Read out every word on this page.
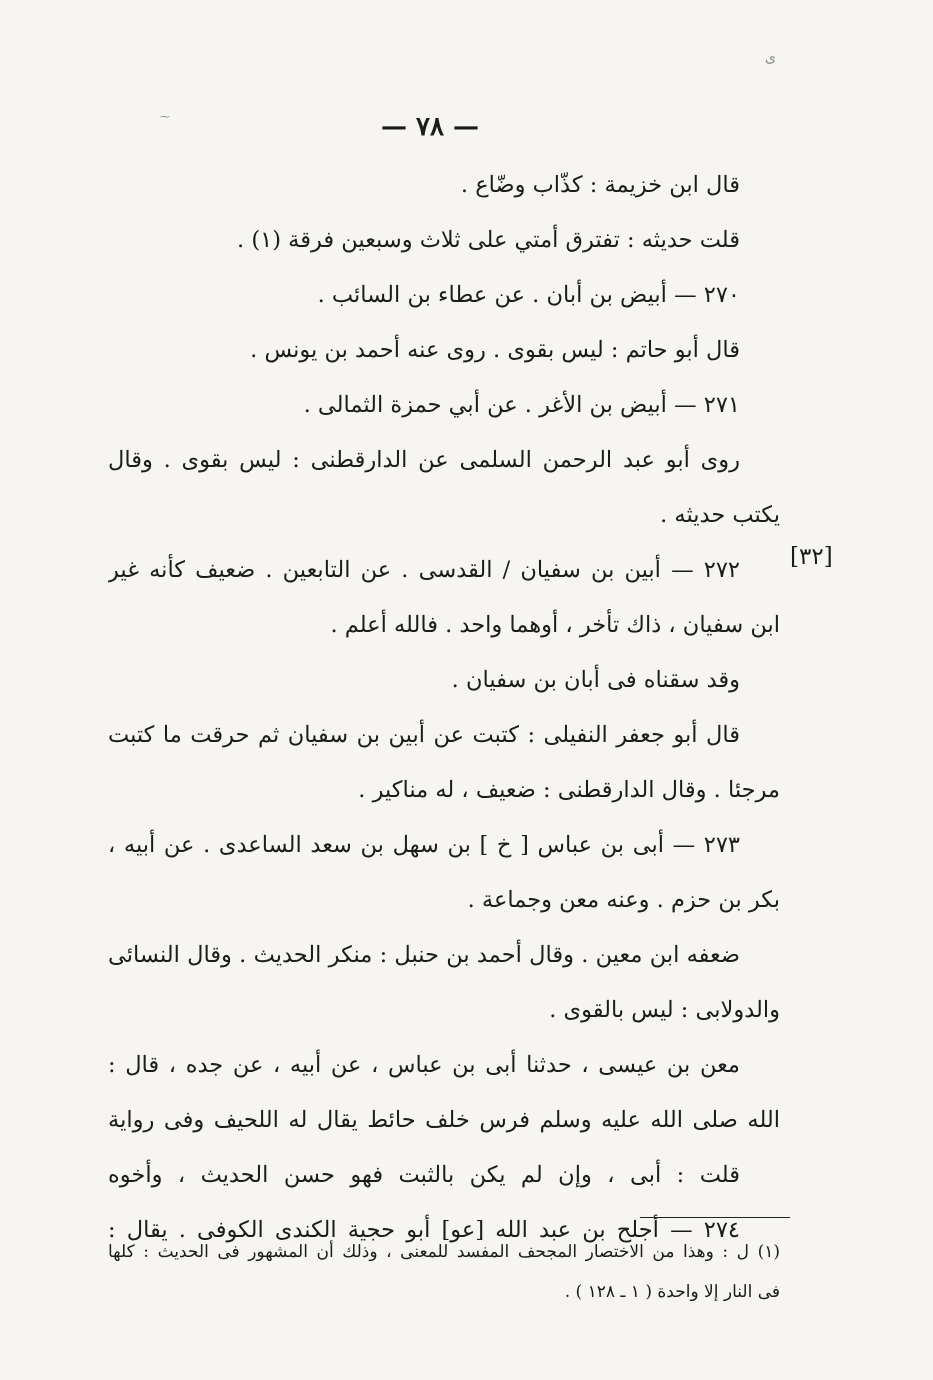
ﻯ
⁓	— ٧٨ —
[٣٢]
قال ابن خزيمة : كذّاب وضّاع .
قلت حديثه : تفترق أمتي على ثلاث وسبعين فرقة (١) .
٢٧٠ — أبيض بن أبان . عن عطاء بن السائب .
قال أبو حاتم : ليس بقوى . روى عنه أحمد بن يونس .
٢٧١ — أبيض بن الأغر . عن أبي حمزة الثمالى .
روى أبو عبد الرحمن السلمى عن الدارقطنى : ليس بقوى . وقال
يكتب حديثه .
٢٧٢ — أبين بن سفيان / القدسى . عن التابعين . ضعيف كأنه غير
ابن سفيان ، ذاك تأخر ، أوهما واحد . فالله أعلم .
وقد سقناه فى أبان بن سفيان .
قال أبو جعفر النفيلى : كتبت عن أبين بن سفيان ثم حرقت ما كتبت
مرجئا . وقال الدارقطنى : ضعيف ، له مناكير .
٢٧٣ — أبى بن عباس [ خ ] بن سهل بن سعد الساعدى . عن أبيه ،
بكر بن حزم . وعنه معن وجماعة .
ضعفه ابن معين . وقال أحمد بن حنبل : منكر الحديث . وقال النسائى
والدولابى : ليس بالقوى .
معن بن عيسى ، حدثنا أبى بن عباس ، عن أبيه ، عن جده ، قال :
الله صلى الله عليه وسلم فرس خلف حائط يقال له اللحيف وفى رواية
قلت : أبى ، وإن لم يكن بالثبت فهو حسن الحديث ، وأخوه
٢٧٤ — أجلح بن عبد الله [عو] أبو حجية الكندى الكوفى . يقال :
(١) ل : وهذا من الاختصار المجحف المفسد للمعنى ، وذلك أن المشهور فى الحديث : كلها
فى النار إلا واحدة ( ١ ـ ١٢٨ ) .
